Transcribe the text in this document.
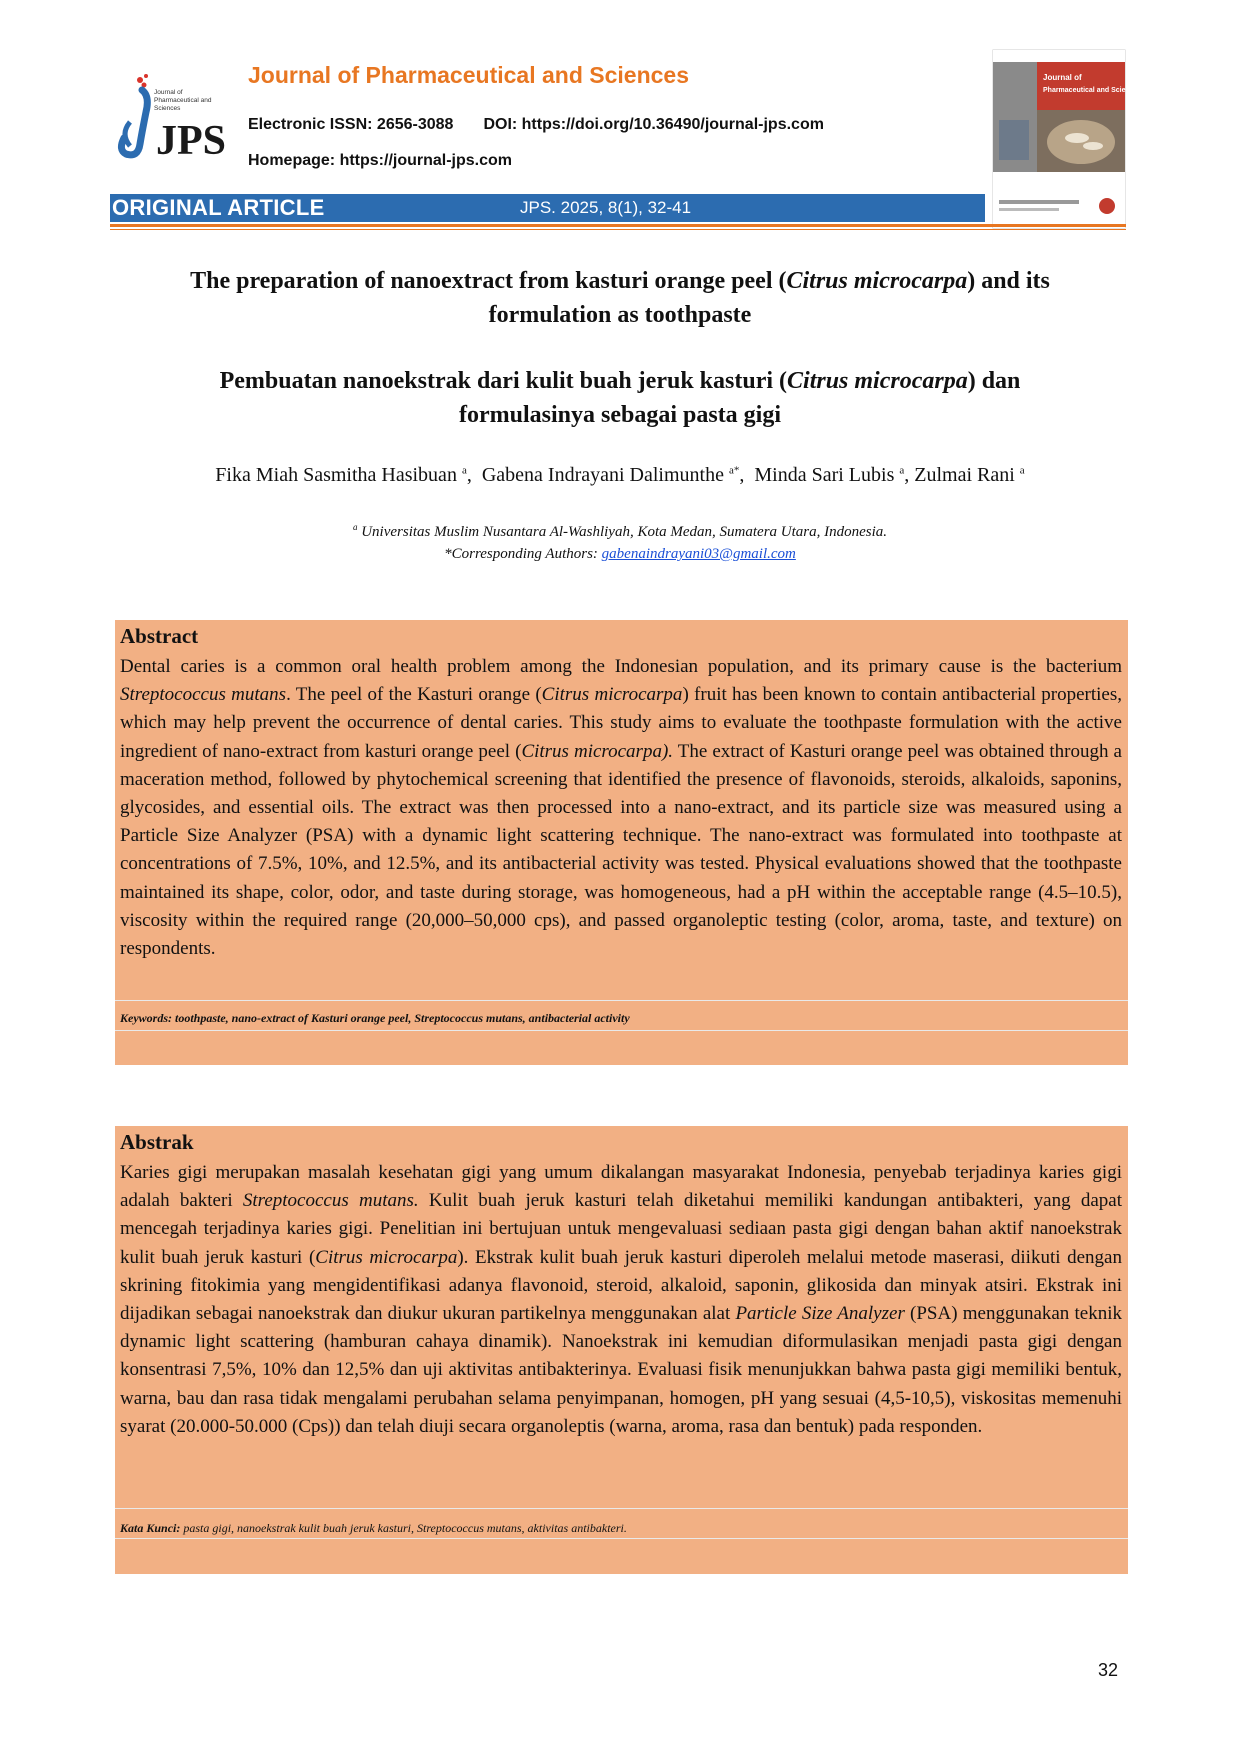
JPS
Journal of
Pharmaceutical and
Sciences
Journal of Pharmaceutical and Sciences
Electronic ISSN: 2656-3088 DOI: https://doi.org/10.36490/journal-jps.com
Homepage: https://journal-jps.com
Journal of
Pharmaceutical and Sciences
ORIGINAL ARTICLE	JPS. 2025, 8(1), 32-41
The preparation of nanoextract from kasturi orange peel (Citrus microcarpa) and its
formulation as toothpaste
Pembuatan nanoekstrak dari kulit buah jeruk kasturi (Citrus microcarpa) dan
formulasinya sebagai pasta gigi
Fika Miah Sasmitha Hasibuan $^a$,  Gabena Indrayani Dalimunthe $^{a*}$,  Minda Sari Lubis $^a$, Zulmai Rani $^a$
$^a$ Universitas Muslim Nusantara Al-Washliyah, Kota Medan, Sumatera Utara, Indonesia.
*Corresponding Authors: gabenaindrayani03@gmail.com
Abstract
Dental caries is a common oral health problem among the Indonesian population, and its primary cause is the bacterium Streptococcus mutans. The peel of the Kasturi orange (Citrus microcarpa) fruit has been known to contain antibacterial properties, which may help prevent the occurrence of dental caries. This study aims to evaluate the toothpaste formulation with the active ingredient of nano-extract from kasturi orange peel (Citrus microcarpa). The extract of Kasturi orange peel was obtained through a maceration method, followed by phytochemical screening that identified the presence of flavonoids, steroids, alkaloids, saponins, glycosides, and essential oils. The extract was then processed into a nano-extract, and its particle size was measured using a Particle Size Analyzer (PSA) with a dynamic light scattering technique. The nano-extract was formulated into toothpaste at concentrations of 7.5%, 10%, and 12.5%, and its antibacterial activity was tested. Physical evaluations showed that the toothpaste maintained its shape, color, odor, and taste during storage, was homogeneous, had a pH within the acceptable range (4.5–10.5), viscosity within the required range (20,000–50,000 cps), and passed organoleptic testing (color, aroma, taste, and texture) on respondents.
Keywords: toothpaste, nano-extract of Kasturi orange peel, Streptococcus mutans, antibacterial activity
Abstrak
Karies gigi merupakan masalah kesehatan gigi yang umum dikalangan masyarakat Indonesia, penyebab terjadinya karies gigi adalah bakteri Streptococcus mutans. Kulit buah jeruk kasturi telah diketahui memiliki kandungan antibakteri, yang dapat mencegah terjadinya karies gigi. Penelitian ini bertujuan untuk mengevaluasi sediaan pasta gigi dengan bahan aktif nanoekstrak kulit buah jeruk kasturi (Citrus microcarpa). Ekstrak kulit buah jeruk kasturi diperoleh melalui metode maserasi, diikuti dengan skrining fitokimia yang mengidentifikasi adanya flavonoid, steroid, alkaloid, saponin, glikosida dan minyak atsiri. Ekstrak ini dijadikan sebagai nanoekstrak dan diukur ukuran partikelnya menggunakan alat Particle Size Analyzer (PSA) menggunakan teknik dynamic light scattering (hamburan cahaya dinamik). Nanoekstrak ini kemudian diformulasikan menjadi pasta gigi dengan konsentrasi 7,5%, 10% dan 12,5% dan uji aktivitas antibakterinya. Evaluasi fisik menunjukkan bahwa pasta gigi memiliki bentuk, warna, bau dan rasa tidak mengalami perubahan selama penyimpanan, homogen, pH yang sesuai (4,5-10,5), viskositas memenuhi syarat (20.000-50.000 (Cps)) dan telah diuji secara organoleptis (warna, aroma, rasa dan bentuk) pada responden.
Kata Kunci: pasta gigi, nanoekstrak kulit buah jeruk kasturi, Streptococcus mutans, aktivitas antibakteri.
32
